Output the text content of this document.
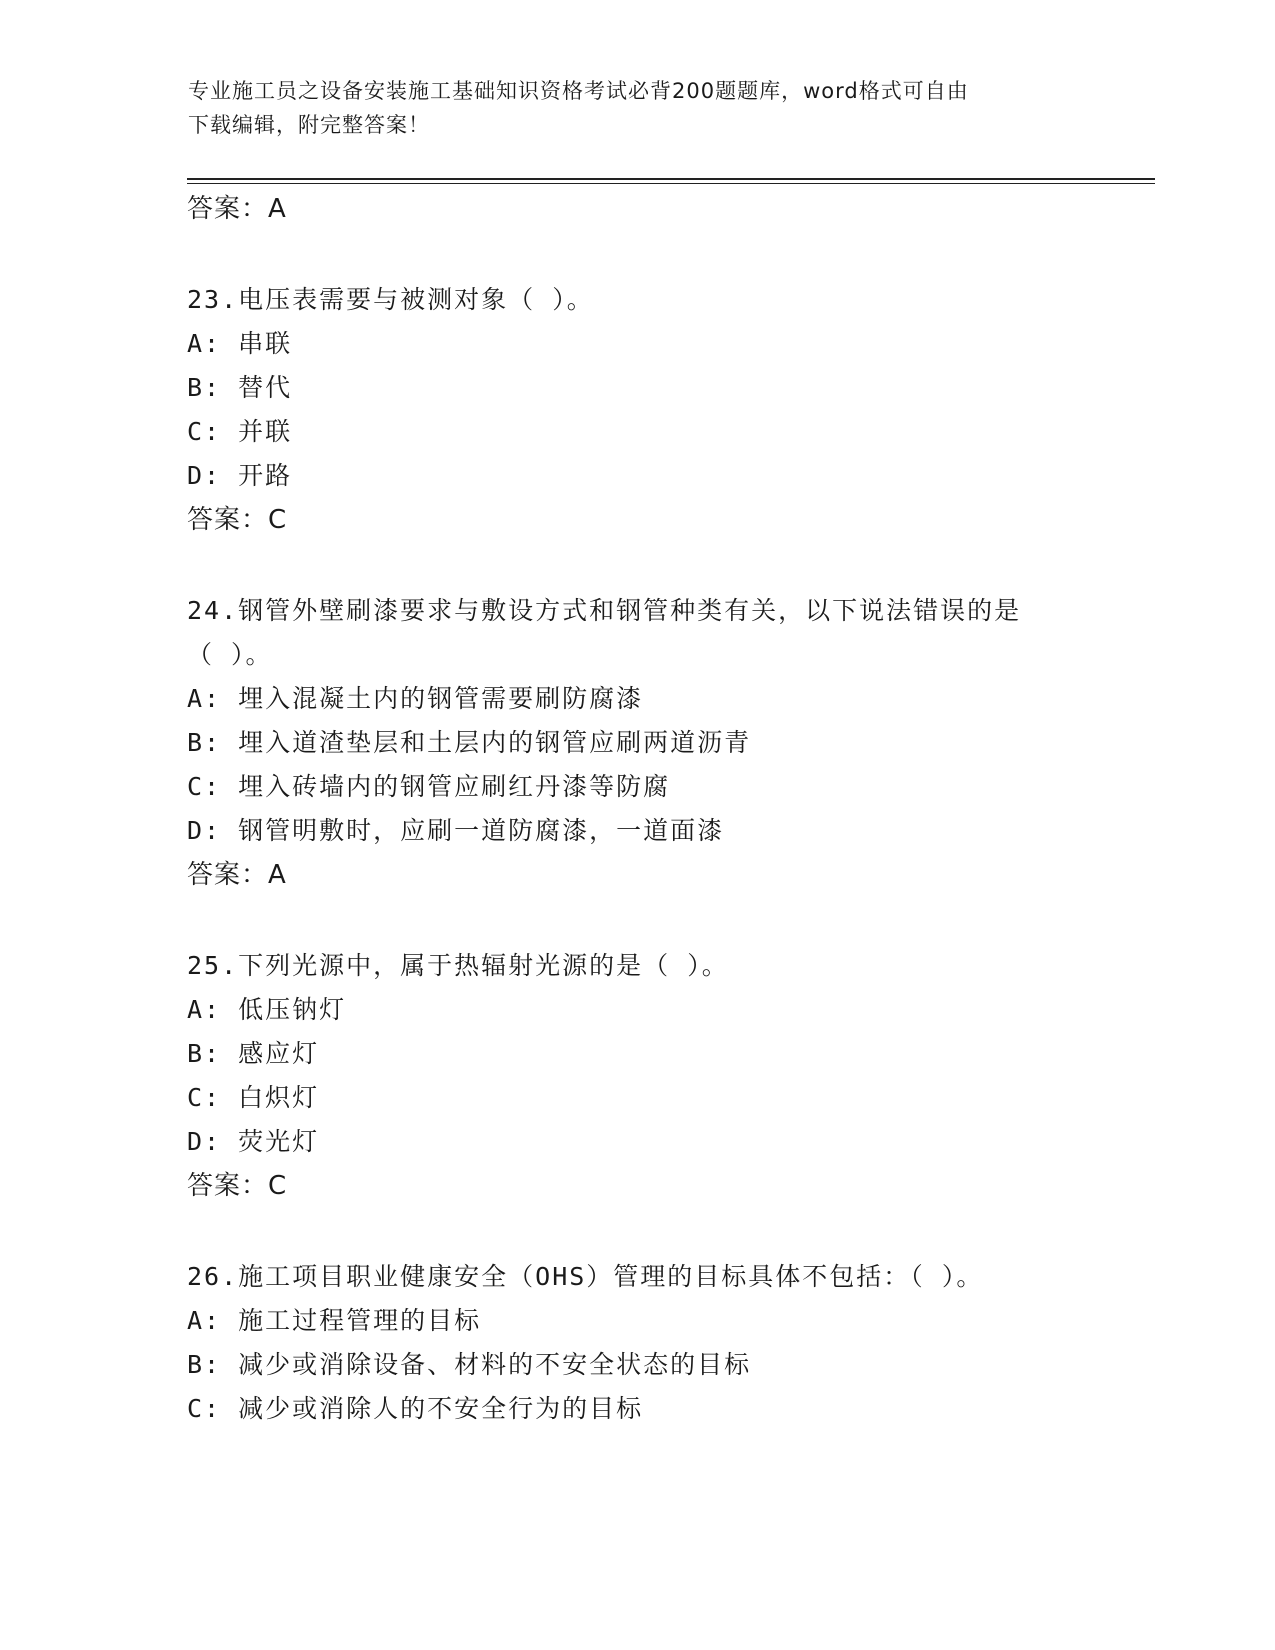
专业施工员之设备安装施工基础知识资格考试必背200题题库，word格式可自由
下载编辑，附完整答案！
答案：A
23.电压表需要与被测对象（ ）。
A: 串联
B: 替代
C: 并联
D: 开路
答案：C
24.钢管外壁刷漆要求与敷设方式和钢管种类有关，以下说法错误的是
（ ）。
A: 埋入混凝土内的钢管需要刷防腐漆
B: 埋入道渣垫层和土层内的钢管应刷两道沥青
C: 埋入砖墙内的钢管应刷红丹漆等防腐
D: 钢管明敷时，应刷一道防腐漆，一道面漆
答案：A
25.下列光源中，属于热辐射光源的是（ ）。
A: 低压钠灯
B: 感应灯
C: 白炽灯
D: 荧光灯
答案：C
26.施工项目职业健康安全（OHS）管理的目标具体不包括：（ ）。
A: 施工过程管理的目标
B: 减少或消除设备、材料的不安全状态的目标
C: 减少或消除人的不安全行为的目标
